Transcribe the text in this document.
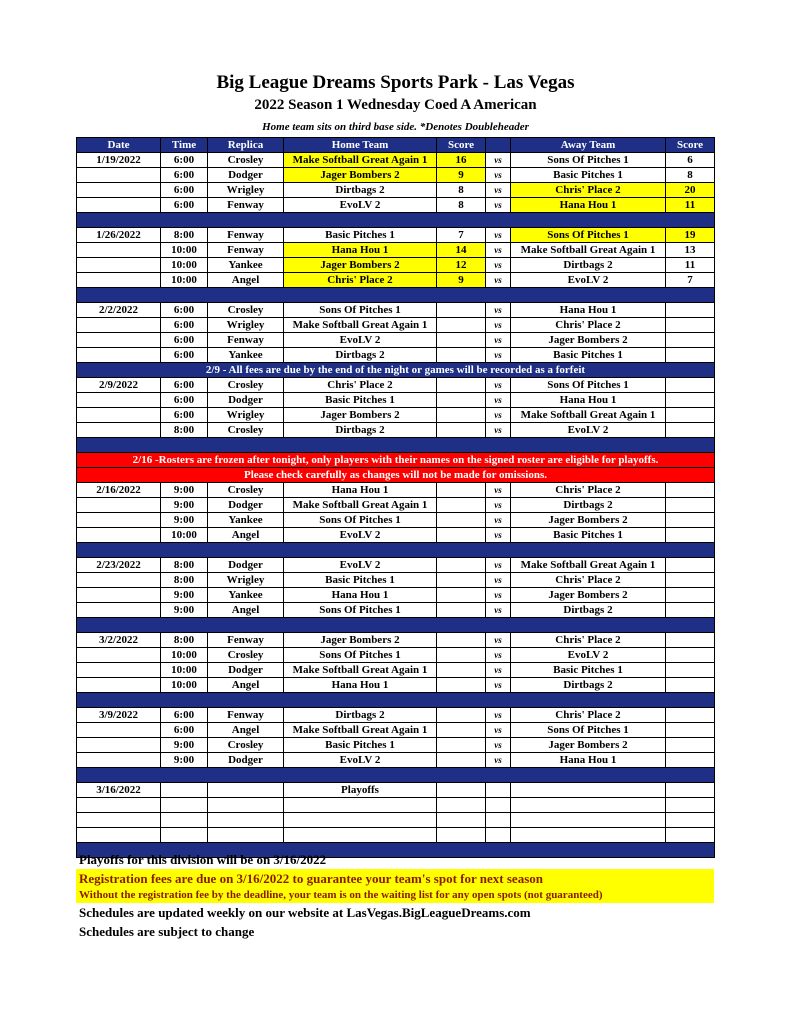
Big League Dreams Sports Park - Las Vegas
2022 Season 1 Wednesday Coed A American
Home team sits on third base side. *Denotes Doubleheader
Date	Time	Replica	Home Team	Score		Away Team	Score
1/19/2022	6:00	Crosley	Make Softball Great Again 1	16	vs	Sons Of Pitches 1	6
	6:00	Dodger	Jager Bombers 2	9	vs	Basic Pitches 1	8
	6:00	Wrigley	Dirtbags 2	8	vs	Chris' Place 2	20
	6:00	Fenway	EvoLV 2	8	vs	Hana Hou 1	11

1/26/2022	8:00	Fenway	Basic Pitches 1	7	vs	Sons Of Pitches 1	19
	10:00	Fenway	Hana Hou 1	14	vs	Make Softball Great Again 1	13
	10:00	Yankee	Jager Bombers 2	12	vs	Dirtbags 2	11
	10:00	Angel	Chris' Place 2	9	vs	EvoLV 2	7

2/2/2022	6:00	Crosley	Sons Of Pitches 1		vs	Hana Hou 1	
	6:00	Wrigley	Make Softball Great Again 1		vs	Chris' Place 2	
	6:00	Fenway	EvoLV 2		vs	Jager Bombers 2	
	6:00	Yankee	Dirtbags 2		vs	Basic Pitches 1	
2/9 - All fees are due by the end of the night or games will be recorded as a forfeit							
2/9/2022	6:00	Crosley	Chris' Place 2		vs	Sons Of Pitches 1	
	6:00	Dodger	Basic Pitches 1		vs	Hana Hou 1	
	6:00	Wrigley	Jager Bombers 2		vs	Make Softball Great Again 1	
	8:00	Crosley	Dirtbags 2		vs	EvoLV 2	

2/16 -Rosters are frozen after tonight, only players with their names on the signed roster are eligible for playoffs.							
Please check carefully as changes will not be made for omissions.							
2/16/2022	9:00	Crosley	Hana Hou 1		vs	Chris' Place 2	
	9:00	Dodger	Make Softball Great Again 1		vs	Dirtbags 2	
	9:00	Yankee	Sons Of Pitches 1		vs	Jager Bombers 2	
	10:00	Angel	EvoLV 2		vs	Basic Pitches 1	

2/23/2022	8:00	Dodger	EvoLV 2		vs	Make Softball Great Again 1	
	8:00	Wrigley	Basic Pitches 1		vs	Chris' Place 2	
	9:00	Yankee	Hana Hou 1		vs	Jager Bombers 2	
	9:00	Angel	Sons Of Pitches 1		vs	Dirtbags 2	

3/2/2022	8:00	Fenway	Jager Bombers 2		vs	Chris' Place 2	
	10:00	Crosley	Sons Of Pitches 1		vs	EvoLV 2	
	10:00	Dodger	Make Softball Great Again 1		vs	Basic Pitches 1	
	10:00	Angel	Hana Hou 1		vs	Dirtbags 2	

3/9/2022	6:00	Fenway	Dirtbags 2		vs	Chris' Place 2	
	6:00	Angel	Make Softball Great Again 1		vs	Sons Of Pitches 1	
	9:00	Crosley	Basic Pitches 1		vs	Jager Bombers 2	
	9:00	Dodger	EvoLV 2		vs	Hana Hou 1	

3/16/2022			Playoffs				

Playoffs for this division will be on 3/16/2022
Registration fees are due on 3/16/2022 to guarantee your team's spot for next season
Without the registration fee by the deadline, your team is on the waiting list for any open spots (not guaranteed)
Schedules are updated weekly on our website at LasVegas.BigLeagueDreams.com
Schedules are subject to change
